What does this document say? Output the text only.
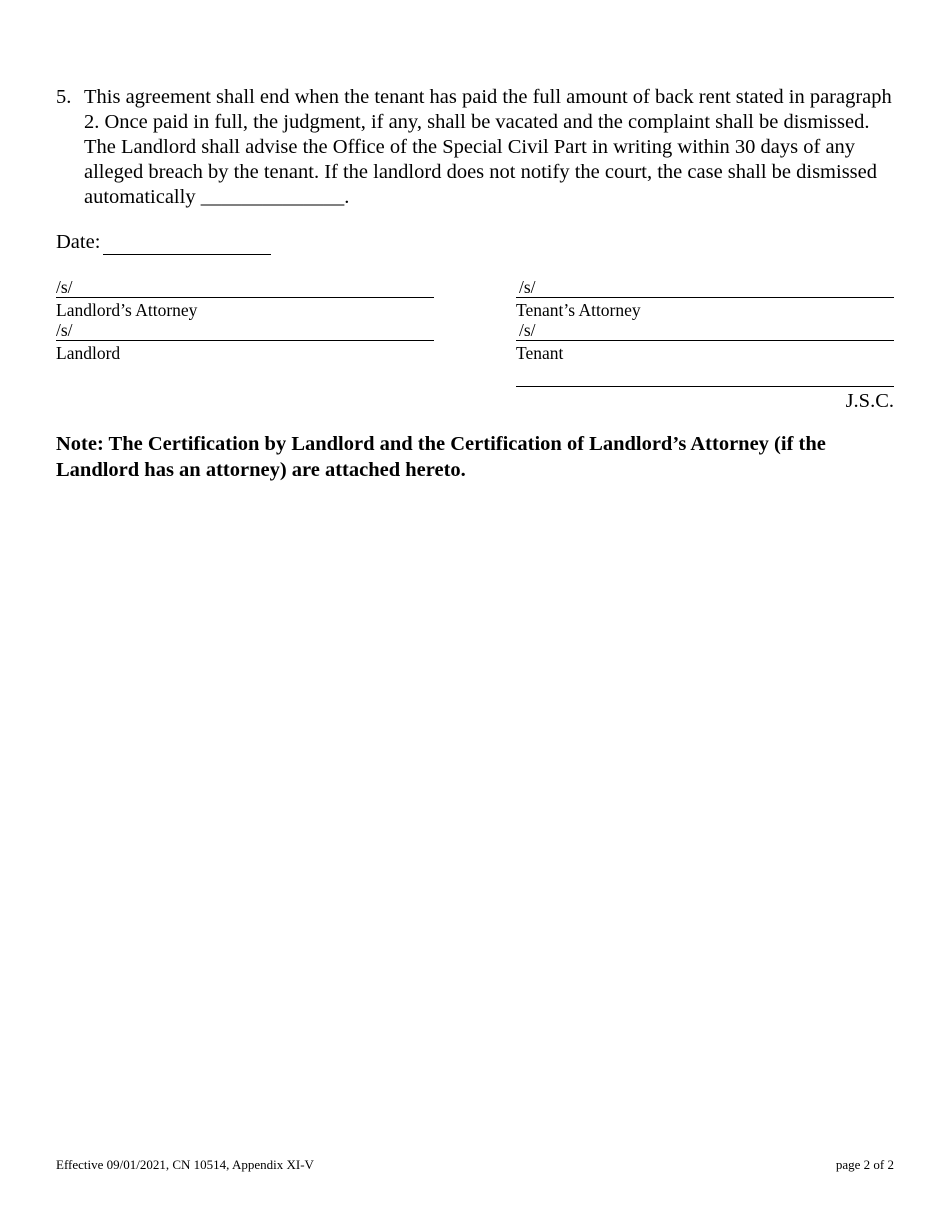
5. This agreement shall end when the tenant has paid the full amount of back rent stated in paragraph 2. Once paid in full, the judgment, if any, shall be vacated and the complaint shall be dismissed. The Landlord shall advise the Office of the Special Civil Part in writing within 30 days of any alleged breach by the tenant. If the landlord does not notify the court, the case shall be dismissed automatically ______________.
Date:
/s/
Landlord’s Attorney
/s/
Landlord
/s/
Tenant’s Attorney
/s/
Tenant
J.S.C.
Note: The Certification by Landlord and the Certification of Landlord’s Attorney (if the Landlord has an attorney) are attached hereto.
Effective 09/01/2021, CN 10514, Appendix XI-V	page 2 of 2
